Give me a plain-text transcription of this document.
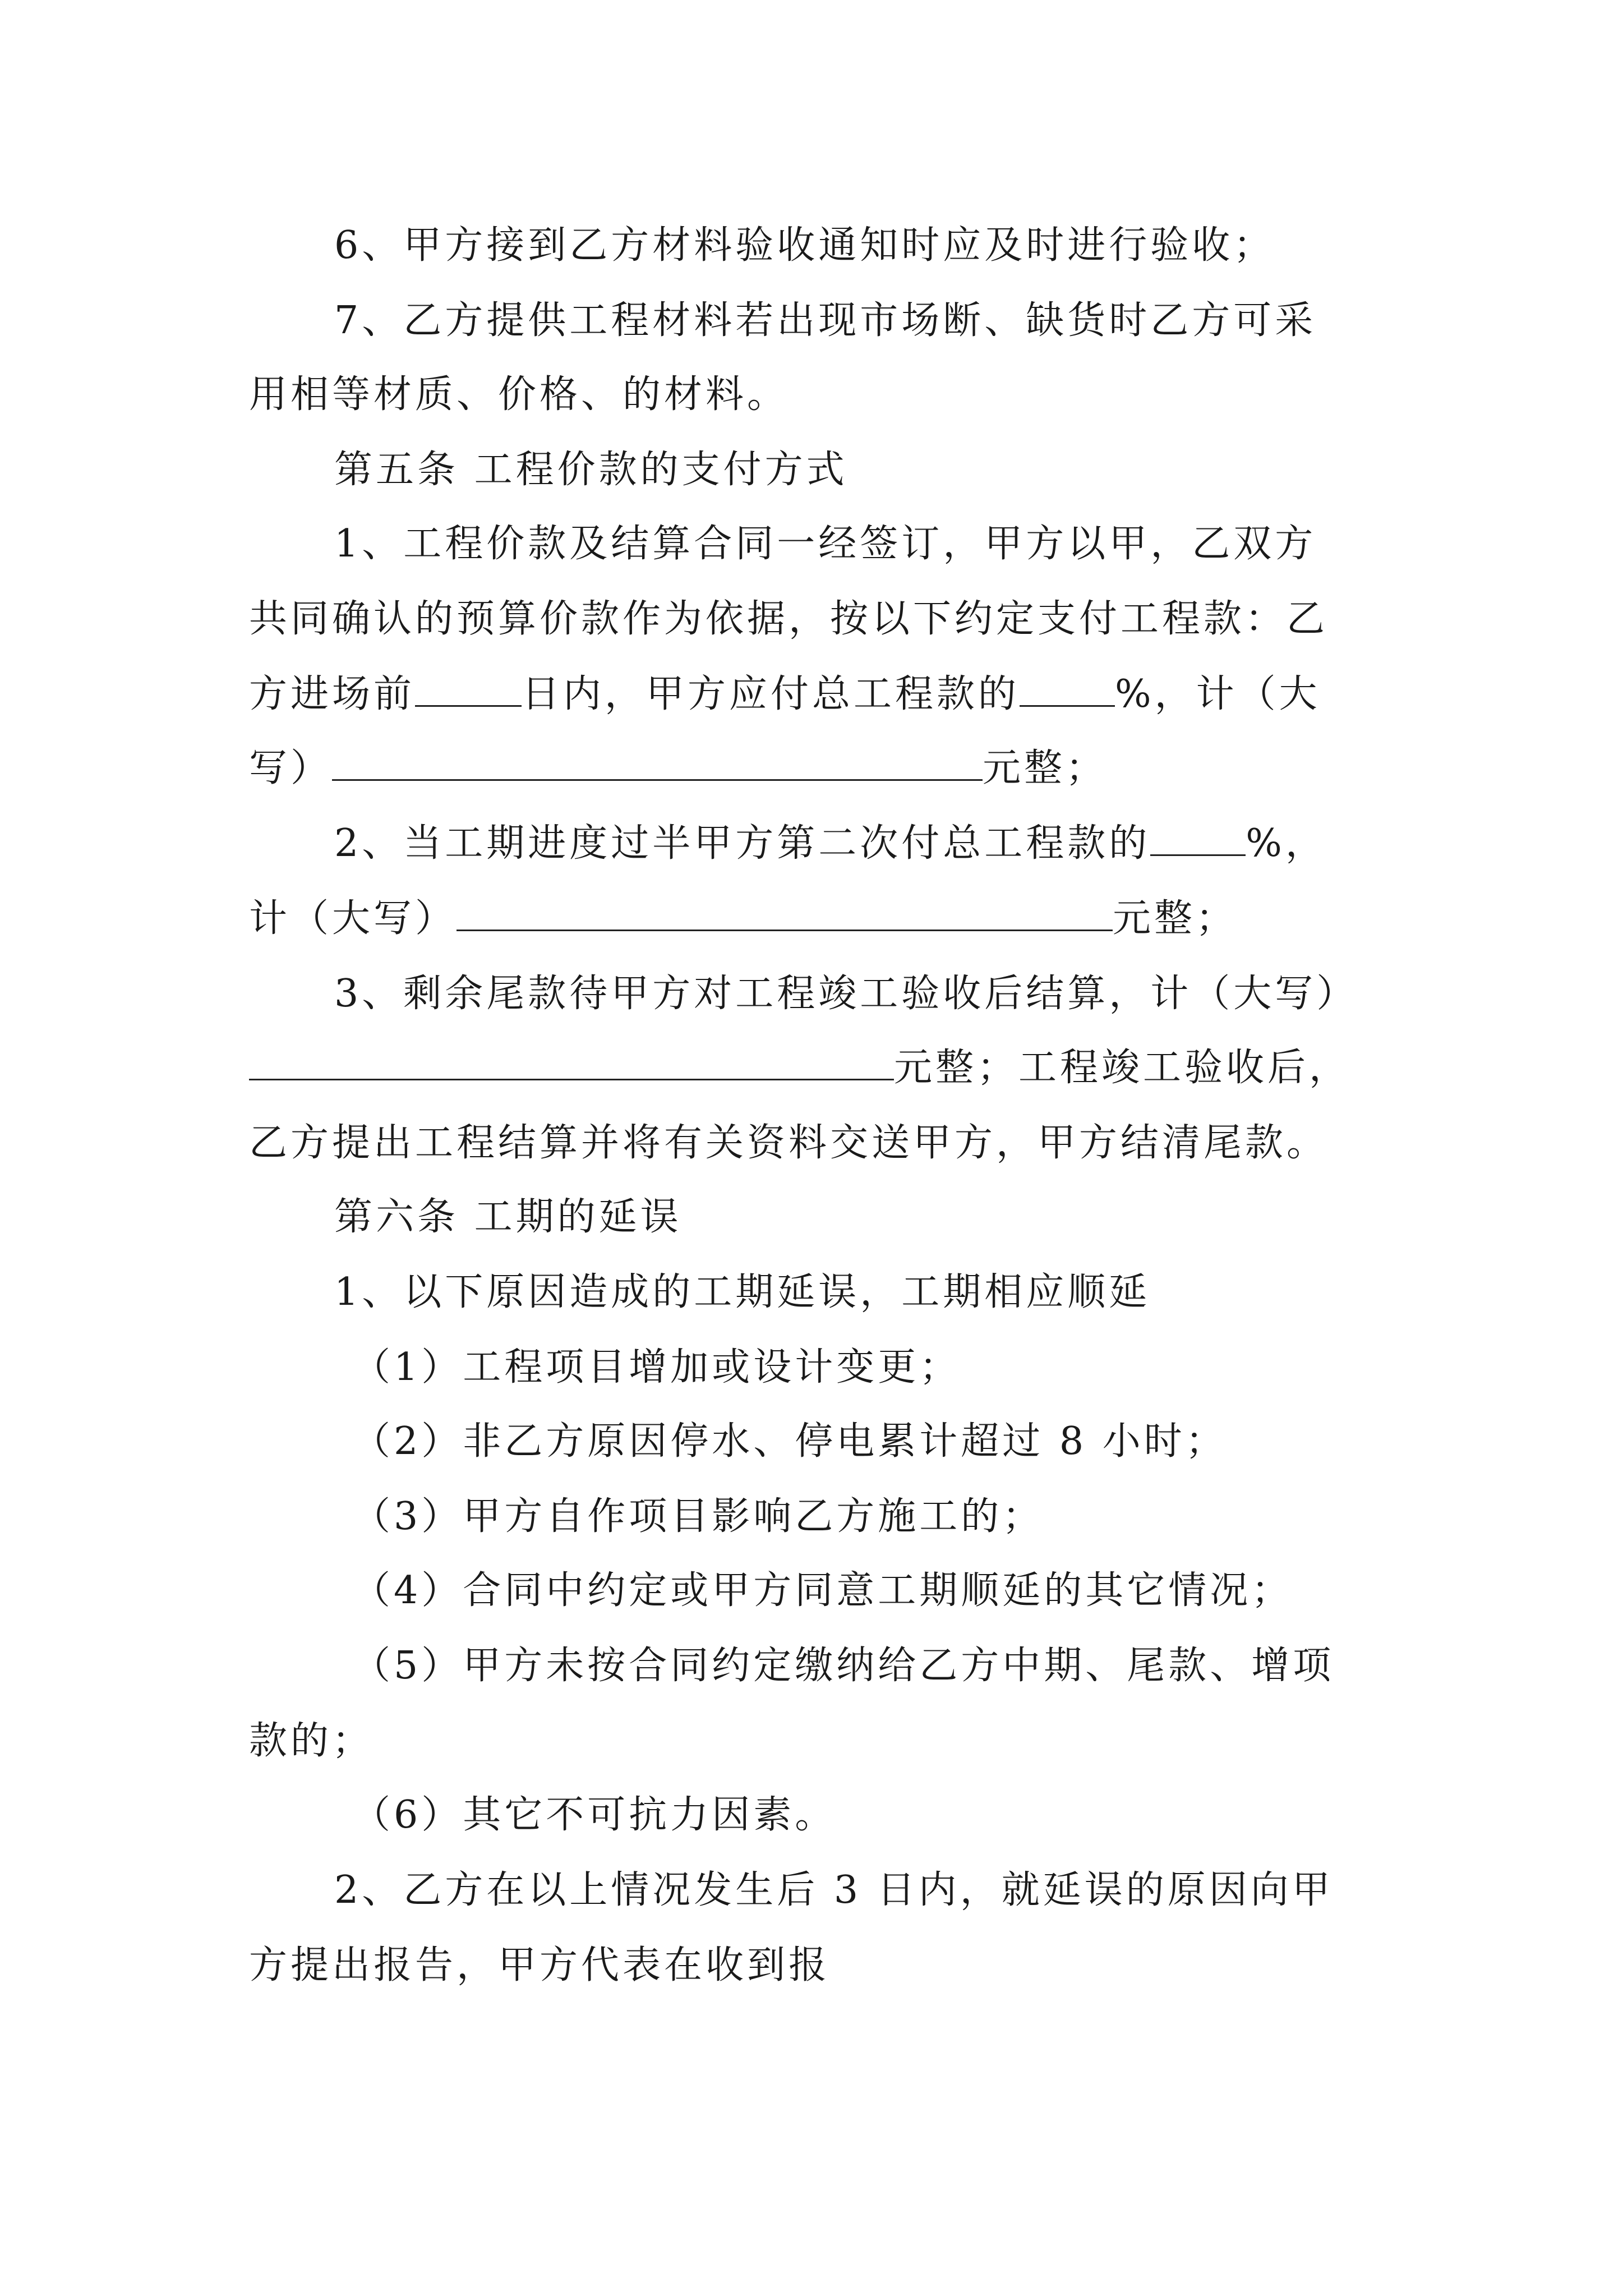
6、甲方接到乙方材料验收通知时应及时进行验收；
7、乙方提供工程材料若出现市场断、缺货时乙方可采
用相等材质、价格、的材料。
第五条 工程价款的支付方式
1、工程价款及结算合同一经签订，甲方以甲，乙双方
共同确认的预算价款作为依据，按以下约定支付工程款：乙
方进场前	日内，甲方应付总工程款的	%，计（大
写）	元整；
2、当工期进度过半甲方第二次付总工程款的	%，
计（大写）	元整；
3、剩余尾款待甲方对工程竣工验收后结算，计（大写）
元整；工程竣工验收后，
乙方提出工程结算并将有关资料交送甲方，甲方结清尾款。
第六条 工期的延误
1、以下原因造成的工期延误，工期相应顺延
（1）工程项目增加或设计变更；
（2）非乙方原因停水、停电累计超过 8 小时；
（3）甲方自作项目影响乙方施工的；
（4）合同中约定或甲方同意工期顺延的其它情况；
（5）甲方未按合同约定缴纳给乙方中期、尾款、增项
款的；
（6）其它不可抗力因素。
2、乙方在以上情况发生后 3 日内，就延误的原因向甲
方提出报告，甲方代表在收到报
